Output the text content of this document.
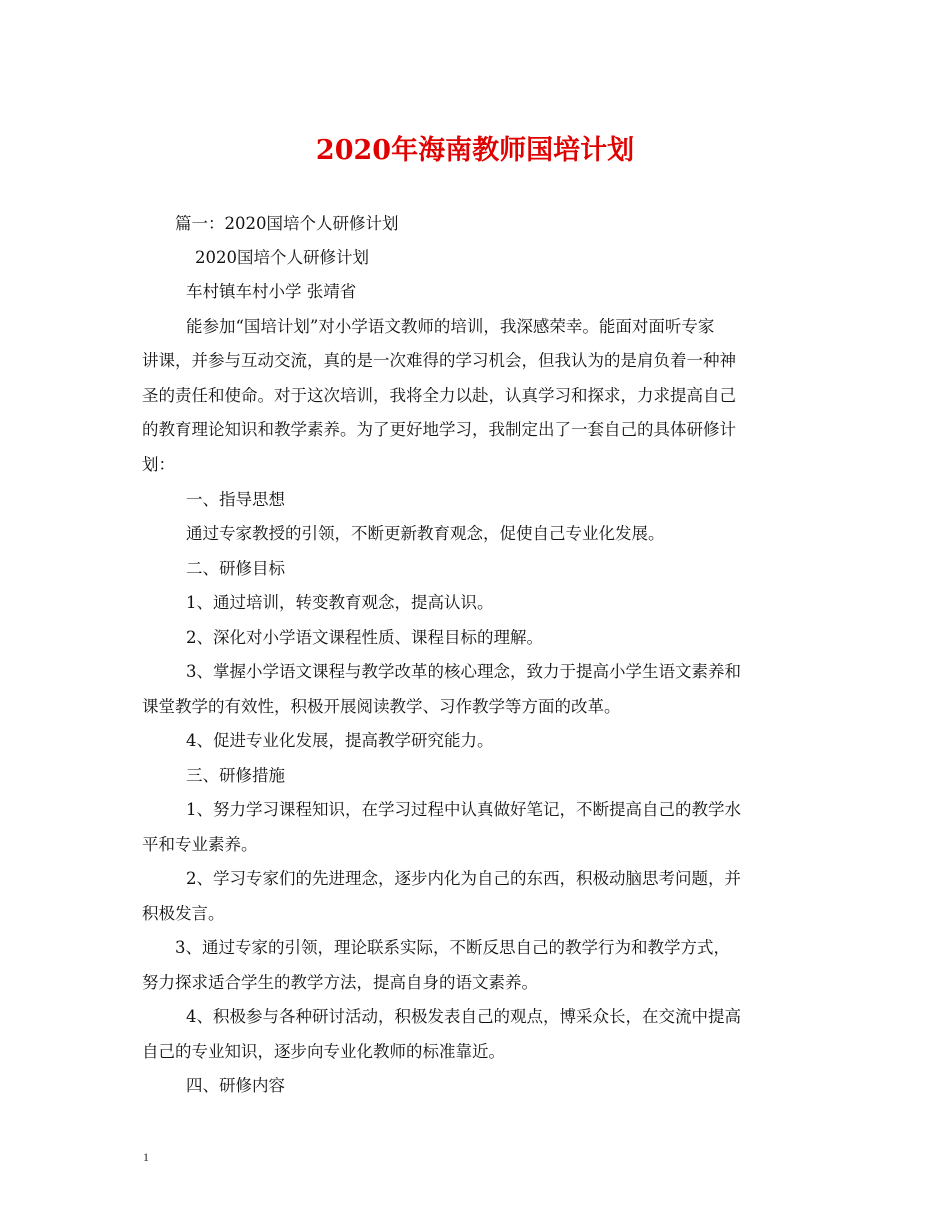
2020年海南教师国培计划

篇一：2020国培个人研修计划

2020国培个人研修计划

车村镇车村小学 张靖省

能参加“国培计划”对小学语文教师的培训，我深感荣幸。能面对面听专家

讲课，并参与互动交流，真的是一次难得的学习机会，但我认为的是肩负着一种神

圣的责任和使命。对于这次培训，我将全力以赴，认真学习和探求，力求提高自己

的教育理论知识和教学素养。为了更好地学习，我制定出了一套自己的具体研修计

划：

一、指导思想

通过专家教授的引领，不断更新教育观念，促使自己专业化发展。

二、研修目标

1、通过培训，转变教育观念，提高认识。

2、深化对小学语文课程性质、课程目标的理解。

3、掌握小学语文课程与教学改革的核心理念，致力于提高小学生语文素养和

课堂教学的有效性，积极开展阅读教学、习作教学等方面的改革。

4、促进专业化发展，提高教学研究能力。

三、研修措施

1、努力学习课程知识，在学习过程中认真做好笔记，不断提高自己的教学水

平和专业素养。

2、学习专家们的先进理念，逐步内化为自己的东西，积极动脑思考问题，并

积极发言。

3、通过专家的引领，理论联系实际，不断反思自己的教学行为和教学方式，

努力探求适合学生的教学方法，提高自身的语文素养。

4、积极参与各种研讨活动，积极发表自己的观点，博采众长，在交流中提高

自己的专业知识，逐步向专业化教师的标准靠近。

四、研修内容

1
